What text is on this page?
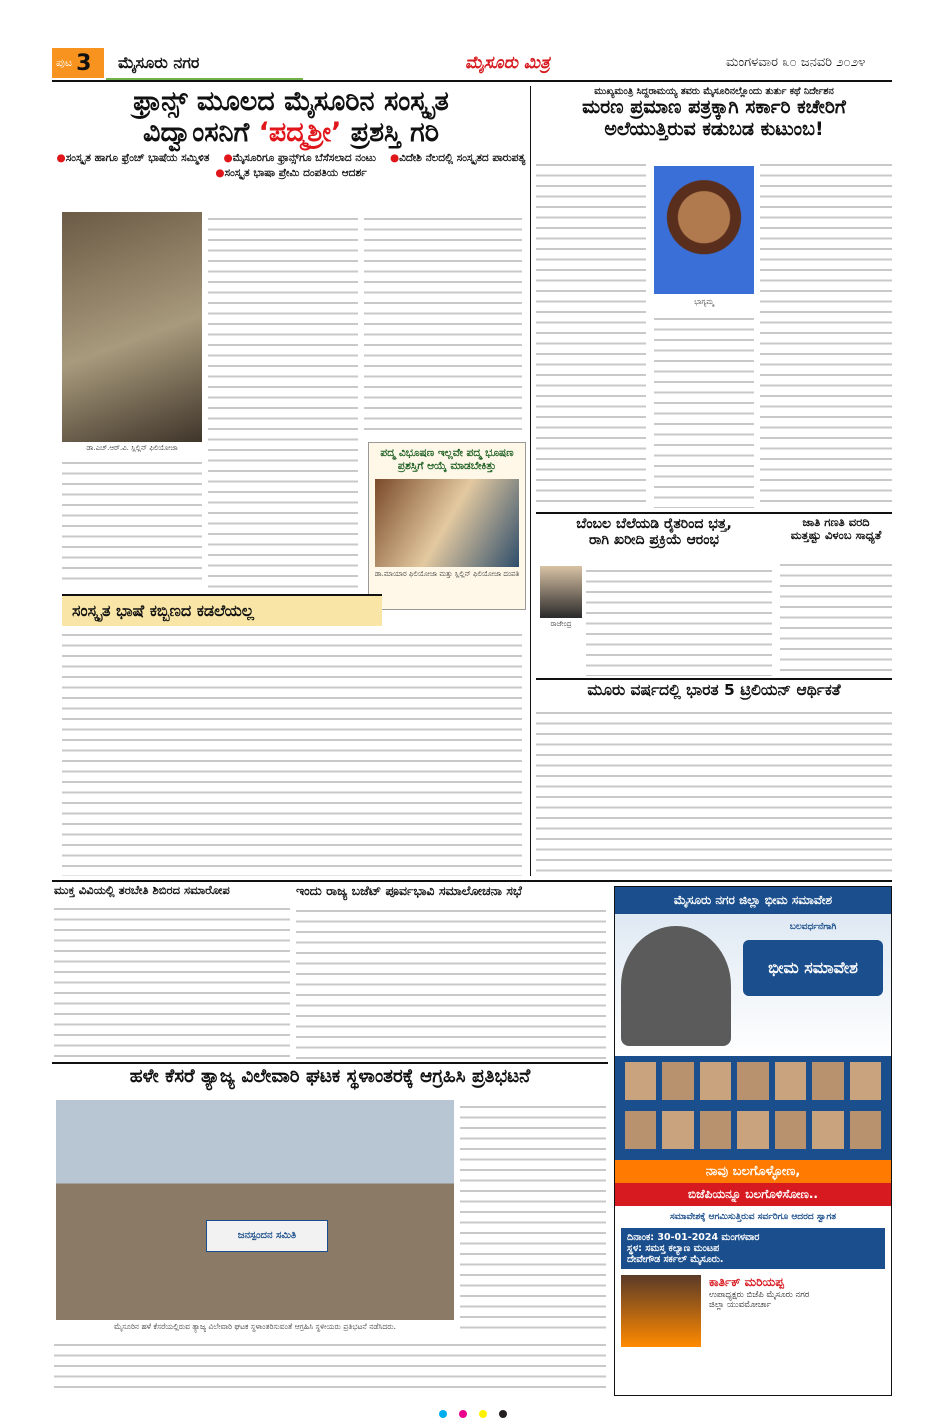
ಪುಟ 3	ಮೈಸೂರು ನಗರ	ಮೈಸೂರು ಮಿತ್ರ	ಮಂಗಳವಾರ ೩೦ ಜನವರಿ ೨೦೨೪
ಫ್ರಾನ್ಸ್ ಮೂಲದ ಮೈಸೂರಿನ ಸಂಸ್ಕೃತ
ವಿದ್ವಾಂಸನಿಗೆ ‘ಪದ್ಮಶ್ರೀ’ ಪ್ರಶಸ್ತಿ ಗರಿ
●ಸಂಸ್ಕೃತ ಹಾಗೂ ಫ್ರೆಂಚ್ ಭಾಷೆಯ ಸಮ್ಮಿಳಿತ ●ಮೈಸೂರಿಗೂ ಫ್ರಾನ್ಸ್‌ಗೂ ಬೆಸೆಸಲಾದ ನಂಟು ●ವಿದೇಶಿ ನೆಲದಲ್ಲಿ ಸಂಸ್ಕೃತದ ಪಾರುಪತ್ಯ
●ಸಂಸ್ಕೃತ ಭಾಷಾ ಪ್ರೇಮಿ ದಂಪತಿಯ ಆದರ್ಶ
ಡಾ.ಎಚ್.ಆರ್.ವಿ. ಸ್ಲಿಲ್ಲಿನ್ ಫಿಲಿಯೋಜಾ	ಪದ್ಮ ವಿಭೂಷಣ ಇಲ್ಲವೇ ಪದ್ಮ ಭೂಷಣ ಪ್ರಶಸ್ತಿಗೆ ಆಯ್ಕೆ ಮಾಡಬೇಕಿತ್ತು
ಡಾ.ಮಾಯಾರ ಫಿಲಿಯೋಜಾ ಮತ್ತು ಸ್ಲಿಲ್ಲಿನ್ ಫಿಲಿಯೋಜಾ ದಂಪತಿ
ಸಂಸ್ಕೃತ ಭಾಷೆ ಕಬ್ಬಿಣದ ಕಡಲೆಯಲ್ಲ
ಮುಖ್ಯಮಂತ್ರಿ ಸಿದ್ದರಾಮಯ್ಯ ತವರು ಮೈಸೂರಿನಲ್ಲೊಂದು ತುರ್ತು ಕಥೆ ನಿರ್ದೇಶನ
ಮರಣ ಪ್ರಮಾಣ ಪತ್ರಕ್ಕಾಗಿ ಸರ್ಕಾರಿ ಕಚೇರಿಗೆ
ಅಲೆಯುತ್ತಿರುವ ಕಡುಬಡ ಕುಟುಂಬ!
ಭಾಗ್ಯಮ್ಮ
ಬೆಂಬಲ ಬೆಲೆಯಡಿ ರೈತರಿಂದ ಭತ್ತ,
ರಾಗಿ ಖರೀದಿ ಪ್ರಕ್ರಿಯೆ ಆರಂಭ
ರಾಜೇಂದ್ರ
ಜಾತಿ ಗಣತಿ ವರದಿ
ಮತ್ತಷ್ಟು ವಿಳಂಬ ಸಾಧ್ಯತೆ
ಮೂರು ವರ್ಷದಲ್ಲಿ ಭಾರತ 5 ಟ್ರಿಲಿಯನ್ ಆರ್ಥಿಕತೆ
ಮುಕ್ತ ವಿವಿಯಲ್ಲಿ ತರಬೇತಿ ಶಿಬಿರದ ಸಮಾರೋಪ	ಇಂದು ರಾಜ್ಯ ಬಜೆಟ್ ಪೂರ್ವಭಾವಿ ಸಮಾಲೋಚನಾ ಸಭೆ
ಹಳೇ ಕೆಸರೆ ತ್ಯಾಜ್ಯ ವಿಲೇವಾರಿ ಘಟಕ ಸ್ಥಳಾಂತರಕ್ಕೆ ಆಗ್ರಹಿಸಿ ಪ್ರತಿಭಟನೆ
ಜನಸ್ಪಂದನ ಸಮಿತಿ
ಮೈಸೂರಿನ ಹಳೆ ಕೆಸರೆಯಲ್ಲಿರುವ ತ್ಯಾಜ್ಯ ವಿಲೇವಾರಿ ಘಟಕ ಸ್ಥಳಾಂತರಿಸುವಂತೆ ಆಗ್ರಹಿಸಿ ಸ್ಥಳೀಯರು ಪ್ರತಿಭಟನೆ ನಡೆಸಿದರು.
ಮೈಸೂರು ನಗರ ಜಿಲ್ಲಾ ಭೀಮ ಸಮಾವೇಶ
ಬಲವರ್ಧನೆಗಾಗಿ
ಭೀಮ ಸಮಾವೇಶ
ನಾವು ಬಲಗೊಳ್ಳೋಣ,
ಬಿಜೆಪಿಯನ್ನೂ ಬಲಗೊಳಿಸೋಣ..
ಸಮಾವೇಶಕ್ಕೆ ಆಗಮಿಸುತ್ತಿರುವ ಸರ್ವರಿಗೂ ಆದರದ ಸ್ವಾಗತ
ದಿನಾಂಕ: 30-01-2024 ಮಂಗಳವಾರ
ಸ್ಥಳ: ಸಮಸ್ತ ಕಲ್ಯಾಣ ಮಂಟಪ
ದೇವೇಗೌಡ ಸರ್ಕಲ್ ಮೈಸೂರು.
ಕಾರ್ತಿಕ್ ಮರಿಯಪ್ಪ
ಉಪಾಧ್ಯಕ್ಷರು ಬಿಜೆಪಿ ಮೈಸೂರು ನಗರ
ಜಿಲ್ಲಾ ಯುವಮೋರ್ಚಾ
